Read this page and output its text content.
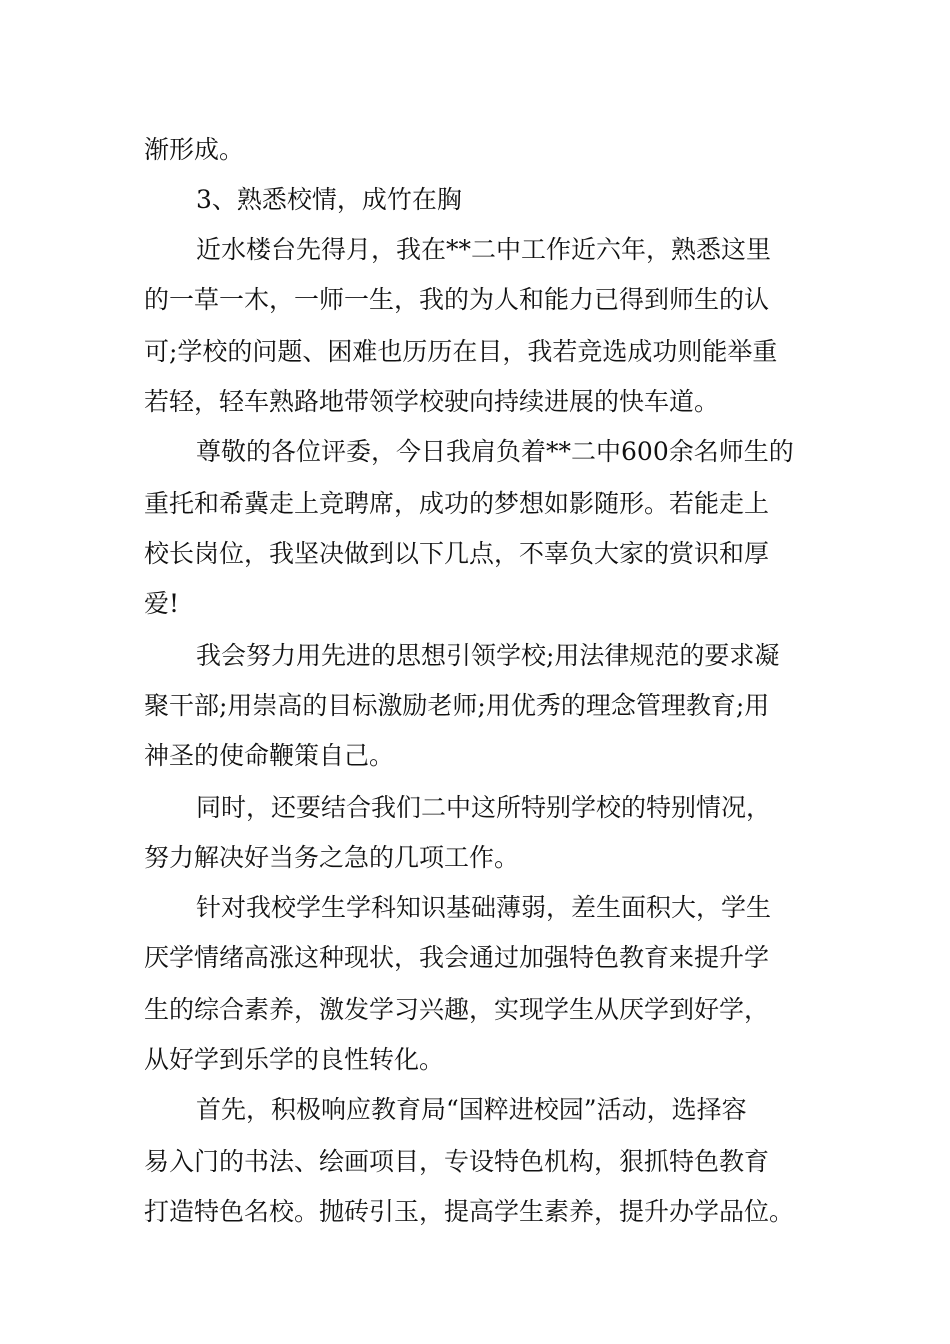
渐形成。
3、熟悉校情，成竹在胸
近水楼台先得月，我在**二中工作近六年，熟悉这里
的一草一木，一师一生，我的为人和能力已得到师生的认
可;学校的问题、困难也历历在目，我若竞选成功则能举重
若轻，轻车熟路地带领学校驶向持续进展的快车道。
尊敬的各位评委，今日我肩负着**二中600余名师生的
重托和希冀走上竞聘席，成功的梦想如影随形。若能走上
校长岗位，我坚决做到以下几点，不辜负大家的赏识和厚
爱!
我会努力用先进的思想引领学校;用法律规范的要求凝
聚干部;用崇高的目标激励老师;用优秀的理念管理教育;用
神圣的使命鞭策自己。
同时，还要结合我们二中这所特别学校的特别情况，
努力解决好当务之急的几项工作。
针对我校学生学科知识基础薄弱，差生面积大，学生
厌学情绪高涨这种现状，我会通过加强特色教育来提升学
生的综合素养，激发学习兴趣，实现学生从厌学到好学，
从好学到乐学的良性转化。
首先，积极响应教育局“国粹进校园”活动，选择容
易入门的书法、绘画项目，专设特色机构，狠抓特色教育
打造特色名校。抛砖引玉，提高学生素养，提升办学品位。
